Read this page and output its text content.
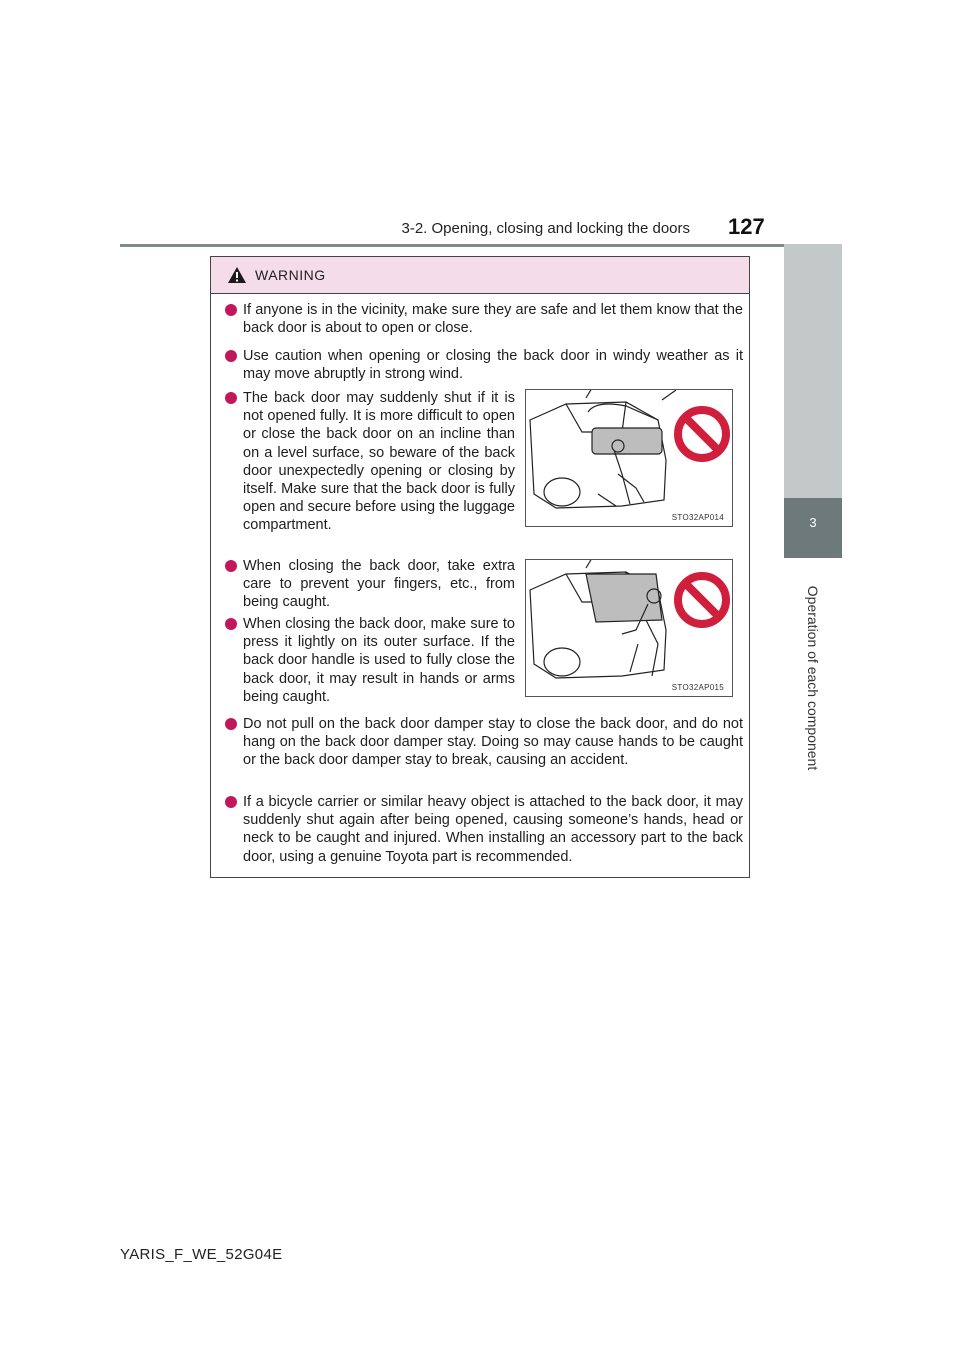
3-2. Opening, closing and locking the doors 127
3
Operation of each component
WARNING
If anyone is in the vicinity, make sure they are safe and let them know that the back door is about to open or close.
Use caution when opening or closing the back door in windy weather as it may move abruptly in strong wind.
The back door may suddenly shut if it is not opened fully. It is more difficult to open or close the back door on an incline than on a level surface, so beware of the back door unexpectedly opening or closing by itself. Make sure that the back door is fully open and secure before using the luggage compartment.
When closing the back door, take extra care to prevent your fingers, etc., from being caught.
When closing the back door, make sure to press it lightly on its outer surface. If the back door handle is used to fully close the back door, it may result in hands or arms being caught.
Do not pull on the back door damper stay to close the back door, and do not hang on the back door damper stay. Doing so may cause hands to be caught or the back door damper stay to break, causing an accident.
If a bicycle carrier or similar heavy object is attached to the back door, it may suddenly shut again after being opened, causing someone’s hands, head or neck to be caught and injured. When installing an accessory part to the back door, using a genuine Toyota part is recommended.
STO32AP014
STO32AP015
YARIS_F_WE_52G04E
